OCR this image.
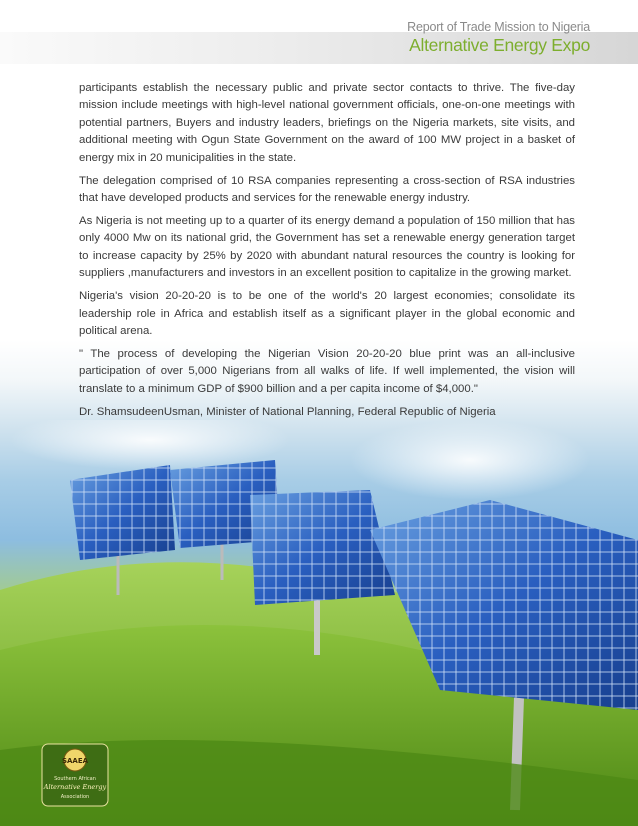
Report of Trade Mission to Nigeria
Alternative Energy Expo

participants establish the necessary public and private sector contacts to thrive. The five-day mission include meetings with high-level national government officials, one-on-one meetings with potential partners, Buyers and industry leaders, briefings on the Nigeria markets, site visits, and additional meeting with Ogun State Government on the award of 100 MW project in a basket of energy mix in 20 municipalities in the state.

The delegation comprised of 10 RSA companies representing a cross-section of RSA industries that have developed products and services for the renewable energy industry.

As Nigeria is not meeting up to a quarter of its energy demand a population of 150 million that has only 4000 Mw on its national grid, the Government has set a renewable energy generation target to increase capacity by 25% by 2020 with abundant natural resources the country is looking for suppliers ,manufacturers and investors in an excellent position to capitalize in the growing market.

Nigeria's vision 20-20-20 is to be one of the world's 20 largest economies; consolidate its leadership role in Africa and establish itself as a significant player in the global economic and political arena.

" The process of developing the Nigerian Vision 20-20-20 blue print was an all-inclusive participation of over 5,000 Nigerians from all walks of life. If well implemented, the vision will translate to a minimum GDP of $900 billion and a per capita income of $4,000."

Dr. ShamsudeenUsman, Minister of National Planning, Federal Republic of Nigeria

SAAEA
Southern African
Alternative Energy
Association
